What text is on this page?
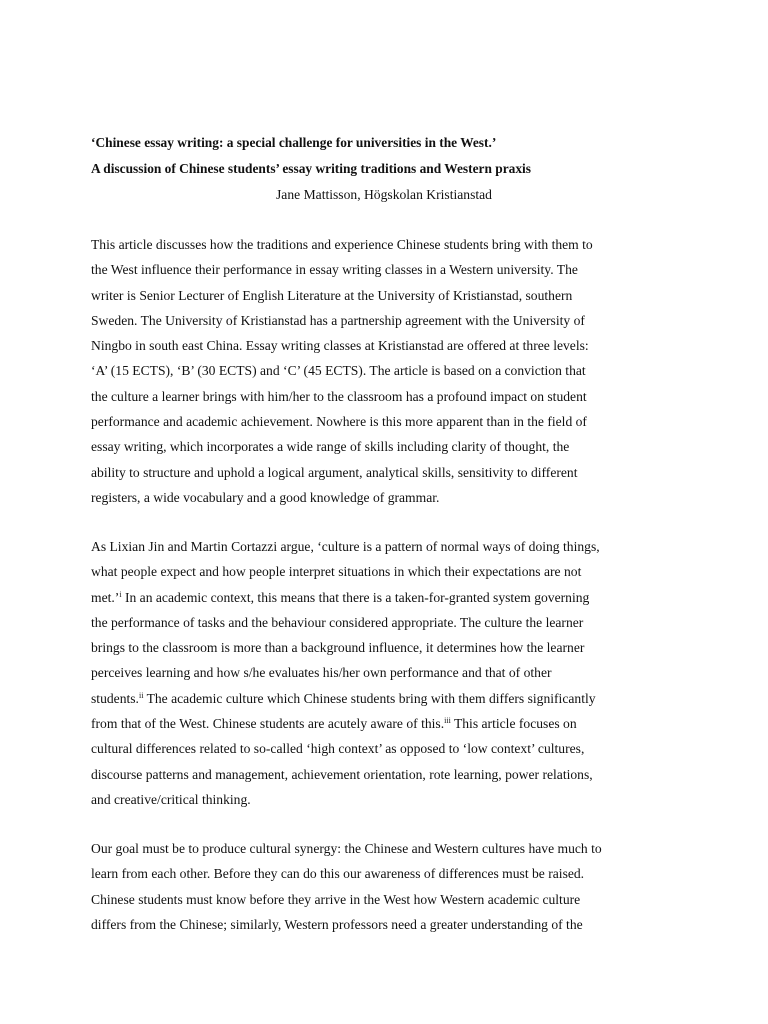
‘Chinese essay writing: a special challenge for universities in the West.’
A discussion of Chinese students’ essay writing traditions and Western praxis
Jane Mattisson, Högskolan Kristianstad
This article discusses how the traditions and experience Chinese students bring with them to
the West influence their performance in essay writing classes in a Western university. The
writer is Senior Lecturer of English Literature at the University of Kristianstad, southern
Sweden. The University of Kristianstad has a partnership agreement with the University of
Ningbo in south east China. Essay writing classes at Kristianstad are offered at three levels:
‘A’ (15 ECTS), ‘B’ (30 ECTS) and ‘C’ (45 ECTS). The article is based on a conviction that
the culture a learner brings with him/her to the classroom has a profound impact on student
performance and academic achievement. Nowhere is this more apparent than in the field of
essay writing, which incorporates a wide range of skills including clarity of thought, the
ability to structure and uphold a logical argument, analytical skills, sensitivity to different
registers, a wide vocabulary and a good knowledge of grammar.
As Lixian Jin and Martin Cortazzi argue, ‘culture is a pattern of normal ways of doing things,
what people expect and how people interpret situations in which their expectations are not
met.’$^i$ In an academic context, this means that there is a taken-for-granted system governing
the performance of tasks and the behaviour considered appropriate. The culture the learner
brings to the classroom is more than a background influence, it determines how the learner
perceives learning and how s/he evaluates his/her own performance and that of other
students.$^{ii}$ The academic culture which Chinese students bring with them differs significantly
from that of the West. Chinese students are acutely aware of this.$^{iii}$ This article focuses on
cultural differences related to so-called ‘high context’ as opposed to ‘low context’ cultures,
discourse patterns and management, achievement orientation, rote learning, power relations,
and creative/critical thinking.
Our goal must be to produce cultural synergy: the Chinese and Western cultures have much to
learn from each other. Before they can do this our awareness of differences must be raised.
Chinese students must know before they arrive in the West how Western academic culture
differs from the Chinese; similarly, Western professors need a greater understanding of the
